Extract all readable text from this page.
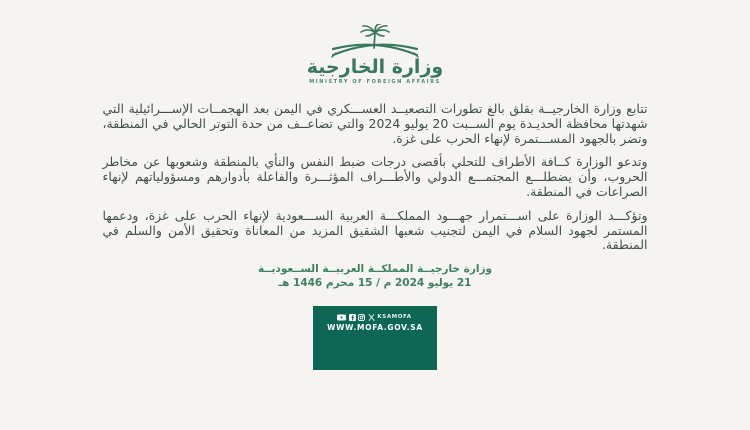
وزارة الخارجية
MINISTRY OF FOREIGN AFFAIRS

تتابع وزارة الخارجيــة بقلق بالغ تطورات التصعيــد العســـكري في اليمن بعد الهجمــات الإســـرائيلية التي شهدتها محافظة الحديـدة يوم الســبت 20 يوليو 2024 والتي تضاعــف من حدة التوتر الحالي في المنطقة، وتضر بالجهود المســـتمرة لإنهاء الحرب على غزة.

وتدعو الوزارة كــافة الأطراف للتحلي بأقصى درجات ضبط النفس والنأي بالمنطقة وشعوبها عن مخاطر الحروب، وأن يضطلـــع المجتمـــع الدولي والأطـــراف المؤثـــرة والفاعلة بأدوارهم ومسؤولياتهم لإنهاء الصراعات في المنطقة.

وتؤكـــد الوزارة على اســـتمرار جهـــود المملكـــة العربية الســـعودية لإنهاء الحرب على غزة، ودعمها المستمر لجهود السلام في اليمن لتجنيب شعبها الشقيق المزيد من المعاناة وتحقيق الأمن والسلم في المنطقة.

وزارة خارجيــة المملكــة العربيــة الســعوديــة
21 يوليو 2024 م / 15 محرم 1446 هـ
KSAMOFA
WWW.MOFA.GOV.SA
